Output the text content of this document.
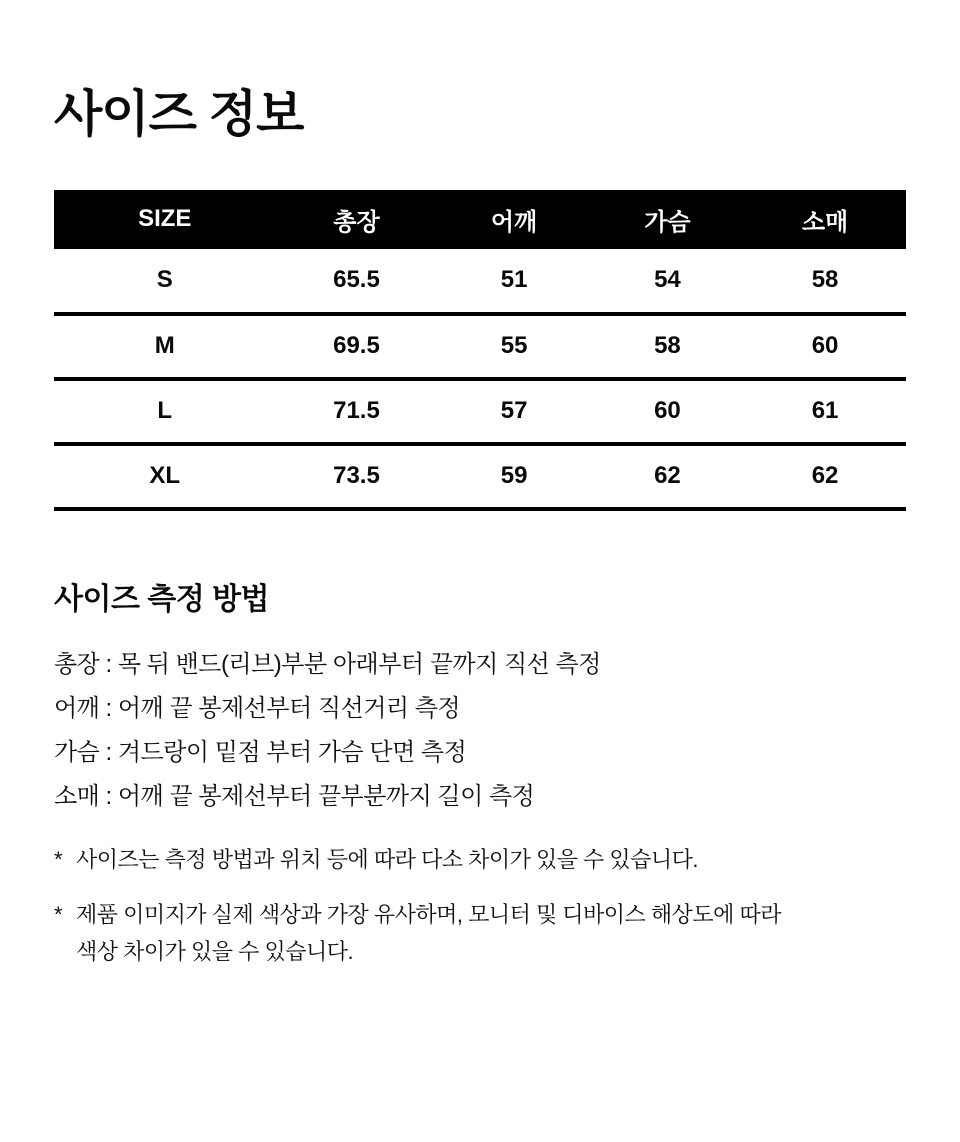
사이즈 정보
SIZE	총장	어깨	가슴	소매
S	65.5	51	54	58
M	69.5	55	58	60
L	71.5	57	60	61
XL	73.5	59	62	62
사이즈 측정 방법

총장 : 목 뒤 밴드(리브)부분 아래부터 끝까지 직선 측정

어깨 : 어깨 끝 봉제선부터 직선거리 측정

가슴 : 겨드랑이 밑점 부터 가슴 단면 측정

소매 : 어깨 끝 봉제선부터 끝부분까지 길이 측정

* 사이즈는 측정 방법과 위치 등에 따라 다소 차이가 있을 수 있습니다.
* 제품 이미지가 실제 색상과 가장 유사하며, 모니터 및 디바이스 해상도에 따라
색상 차이가 있을 수 있습니다.
